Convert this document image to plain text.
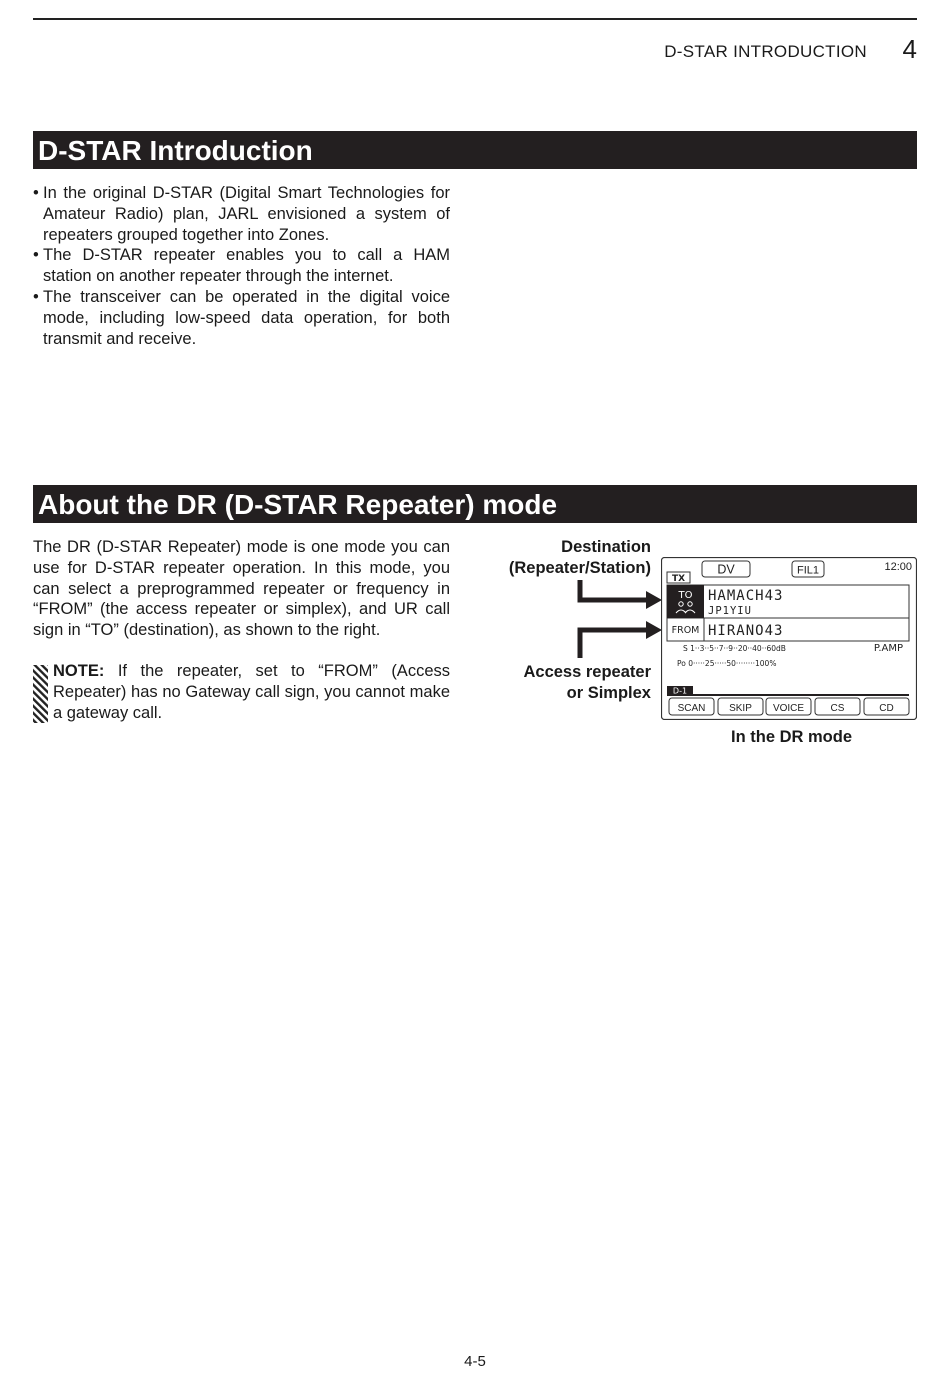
D-STAR INTRODUCTION 4
D-STAR Introduction
• In the original D-STAR (Digital Smart Technologies for Amateur Radio) plan, JARL envisioned a system of repeaters grouped together into Zones.
• The D-STAR repeater enables you to call a HAM station on another repeater through the internet.
• The transceiver can be operated in the digital voice mode, including low-speed data operation, for both transmit and receive.
About the DR (D-STAR Repeater) mode

The DR (D-STAR Repeater) mode is one mode you can use for D-STAR repeater operation. In this mode, you can select a preprogrammed repeater or frequency in “FROM” (the access repeater or simplex), and UR call sign in “TO” (destination), as shown to the right.

NOTE: If the repeater, set to “FROM” (Access Repeater) has no Gateway call sign, you cannot make a gateway call.
Destination
(Repeater/Station)
Access repeater
or Simplex
DV	FIL1	12:00
TX
TO HAMACH43
JP1YIU
HIRANO43
FROM
S 1··3··5··7··9··20··40··60dB	P.AMP
Po 0·····25·····50········100%
D-1
SCAN SKIP VOICE	CS	CD
In the DR mode
4-5
